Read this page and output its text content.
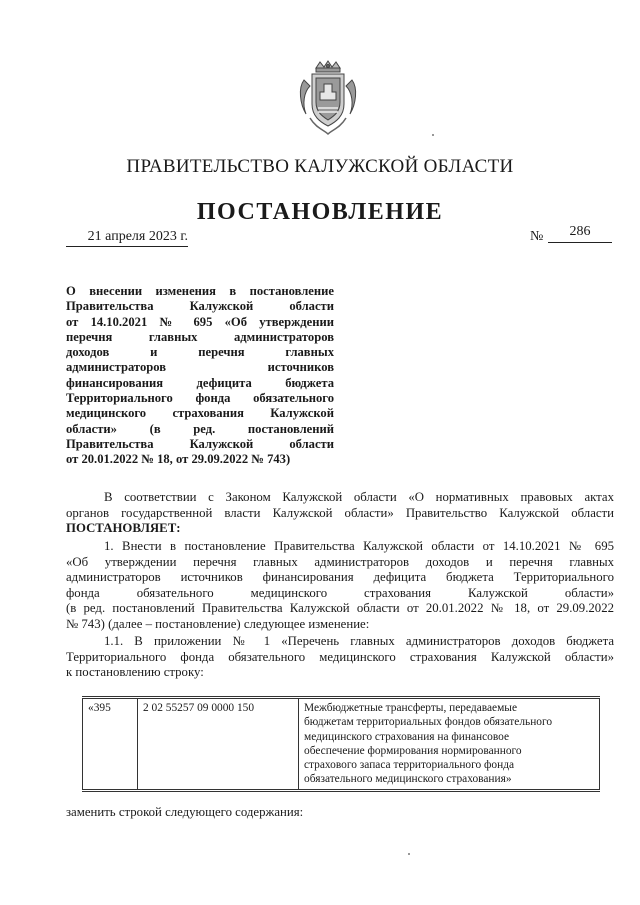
ПРАВИТЕЛЬСТВО КАЛУЖСКОЙ ОБЛАСТИ
ПОСТАНОВЛЕНИЕ
21 апреля 2023 г.	№	286
О внесении изменения в постановление
Правительства Калужской области
от 14.10.2021 № 695 «Об утверждении
перечня главных администраторов
доходов и перечня главных
администраторов источников
финансирования дефицита бюджета
Территориального фонда обязательного
медицинского страхования Калужской
области» (в ред. постановлений
Правительства Калужской области
от 20.01.2022 № 18, от 29.09.2022 № 743)
В соответствии с Законом Калужской области «О нормативных правовых актах
органов государственной власти Калужской области» Правительство Калужской области
ПОСТАНОВЛЯЕТ:
1. Внести в постановление Правительства Калужской области от 14.10.2021 № 695
«Об утверждении перечня главных администраторов доходов и перечня главных
администраторов источников финансирования дефицита бюджета Территориального
фонда обязательного медицинского страхования Калужской области»
(в ред. постановлений Правительства Калужской области от 20.01.2022 № 18, от 29.09.2022
№ 743) (далее – постановление) следующее изменение:
1.1. В приложении № 1 «Перечень главных администраторов доходов бюджета
Территориального фонда обязательного медицинского страхования Калужской области»
к постановлению строку:
«395	2 02 55257 09 0000 150	Межбюджетные трансферты, передаваемые
бюджетам территориальных фондов обязательного
медицинского страхования на финансовое
обеспечение формирования нормированного
страхового запаса территориального фонда
обязательного медицинского страхования»
заменить строкой следующего содержания:
